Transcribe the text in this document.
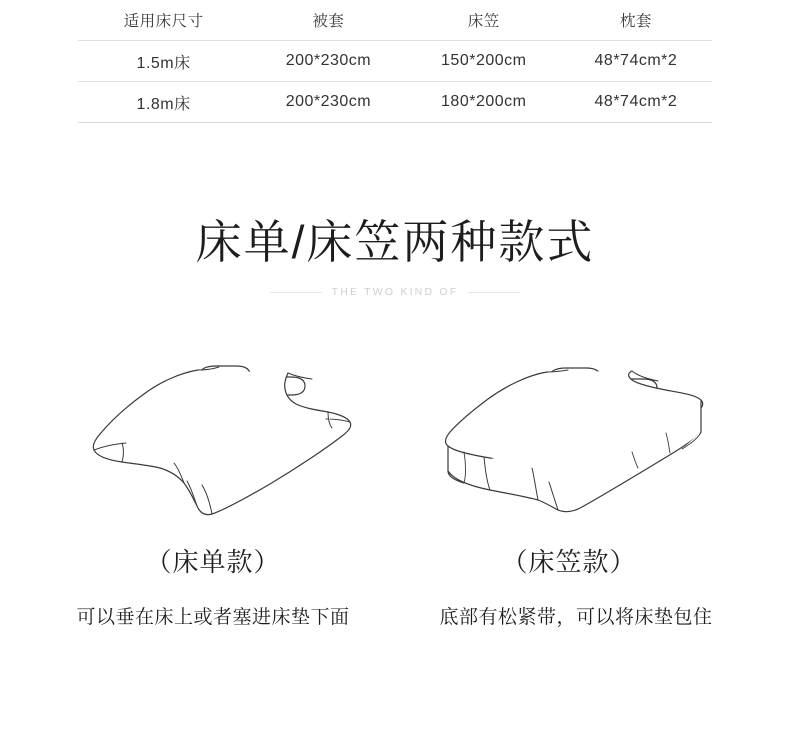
适用床尺寸	被套	床笠	枕套
1.5m床	200*230cm	150*200cm	48*74cm*2
1.8m床	200*230cm	180*200cm	48*74cm*2
床单/床笠两种款式
THE TWO KIND OF
（床单款）	（床笠款）
可以垂在床上或者塞进床垫下面	底部有松紧带，可以将床垫包住
